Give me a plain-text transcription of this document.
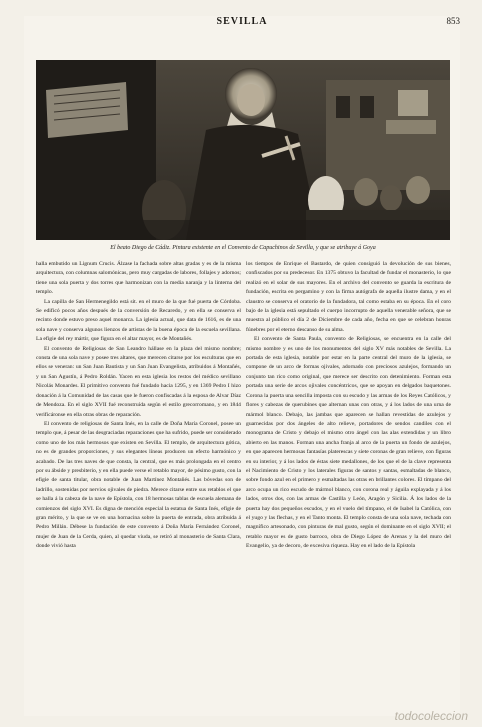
SEVILLA	853
El beato Diego de Cádiz. Pintura existente en el Convento de Capuchinos de Sevilla, y que se atribuye á Goya

halla embutido un Lignum Crucis. Álzase la fachada sobre altas gradas y es de la misma arquitectura, con columnas salomónicas, pero muy cargadas de labores, follajes y adornos; tiene una sola puerta y dos torres que harmonizan con la media naranja y la linterna del templo.

La capilla de San Hermenegildo está sit. en el muro de la que fué puerta de Córdoba. Se edificó pocos años después de la conversión de Recaredo, y en ella se conserva el recinto donde estuvo preso aquel monarca. La iglesia actual, que data de 1616, es de una sola nave y conserva algunos lienzos de artistas de la buena época de la escuela sevillana. La efigie del rey mártir, que figura en el altar mayor, es de Montañés.

El convento de Religiosas de San Leandro hállase en la plaza del mismo nombre; consta de una sola nave y posee tres altares, que merecen citarse por los esculturas que en ellos se veneran: un San Juan Bautista y un San Juan Evangelista, atribuidos á Montañés, y un San Agustín, á Pedro Roldán. Yacen en esta iglesia los restos del médico sevillano Nicolás Monardes. El primitivo convento fué fundado hacia 1295, y en 1369 Pedro I hizo donación á la Comunidad de las casas que le fueron confiscadas á la esposa de Alvar Díaz de Mendoza. En el siglo XVII fué reconstruída según el estilo grecorromano, y en 1844 verificáronse en ella otras obras de reparación.

El convento de religiosas de Santa Inés, en la calle de Doña María Coronel, posee un templo que, á pesar de las desgraciadas reparaciones que ha sufrido, puede ser considerado como uno de los más hermosos que existen en Sevilla. El templo, de arquitectura gótica, no es de grandes proporciones, y sus elegantes líneas producen un efecto harmónico y acabado. De las tres naves de que consta, la central, que es más prolongada en el centro por su ábside y presbiterio, y en ella puede verse el retablo mayor, de pésimo gusto, con la efigie de santa titular, obra notable de Juan Martínez Montañés. Las bóvedas son de ladrillo, sostenidas por nervios ojivales de piedra. Merece citarse entre sus retablos el que se halla á la cabeza de la nave de Epístola, con 18 hermosas tablas de escuela alemana de comienzos del siglo XVI. Es digna de mención especial la estatua de Santa Inés, efigie de gran mérito, y la que se ve en una hornacina sobre la puerta de entrada, obra atribuida á Pedro Millán. Débese la fundación de este convento á Doña María Fernández Coronel, mujer de Juan de la Cerda, quien, al quedar viuda, se retiró al monasterio de Santa Clara, donde vivió hasta

los tiempos de Enrique el Bastardo, de quien consiguió la devolución de sus bienes, confiscados por su predecesor. En 1375 obtuvo la facultad de fundar el monasterio, lo que realizó en el solar de sus mayores. En el archivo del convento se guarda la escritura de fundación, escrita en pergamino y con la firma autógrafa de aquella ilustre dama, y en el claustro se conserva el oratorio de la fundadora, tal como estaba en su época. En el coro bajo de la iglesia está sepultado el cuerpo incorrupto de aquella venerable señora, que se muestra al público el día 2 de Diciembre de cada año, fecha en que se celebran honras fúnebres por el eterno descanso de su alma.

El convento de Santa Paula, convento de Religiosas, se encuentra en la calle del mismo nombre y es uno de los monumentos del siglo XV más notables de Sevilla. La portada de esta iglesia, notable por estar en la parte central del muro de la iglesia, se compone de un arco de formas ojivales, adornado con preciosos azulejos, formando un conjunto tan rico como original, que merece ser descrito con detenimiento. Forman esta portada una serie de arcos ojivales concéntricos, que se apoyan en delgados baquetones. Corona la puerta una sencilla imposta con su escudo y las armas de los Reyes Católicos, y flores y cabezas de querubines que alternan unas con otras, y á los lados de una urna de mármol blanco. Debajo, las jambas que aparecen se hallan revestidas de azulejos y guarnecidas por dos ángeles de alto relieve, portadores de sendos candiles con el monograma de Cristo y debajo el mismo otro ángel con las alas extendidas y un libro abierto en las manos. Forman una ancha franja al arco de la puerta un fondo de azulejos, en que aparecen hermosas fantasías platerescas y siete coronas de gran relieve, con figuras en su interior, y á los lados de éstas siete medallones, de los que el de la clave representa el Nacimiento de Cristo y los laterales figuras de santos y santas, esmaltadas de blanco, sobre fondo azul en el primero y esmaltadas las otras en brillantes colores. El tímpano del arco ocupa un rico escudo de mármol blanco, con corona real y águila explayada y á los lados, otros dos, con las armas de Castilla y León, Aragón y Sicilia. Á los lados de la puerta hay dos pequeños escudos, y en el vuelo del tímpano, el de Isabel la Católica, con el yugo y las flechas, y en el Tanto monta. El templo consta de una sola nave, techada con magnífico artesonado, con pinturas de mal gusto, según el dominante en el siglo XVII; el retablo mayor es de gusto barroco, obra de Diego López de Arenas y la del muro del Evangelio, ya de decoro, de excesiva riqueza. Hay en el lado de la Epístola

todocoleccion
